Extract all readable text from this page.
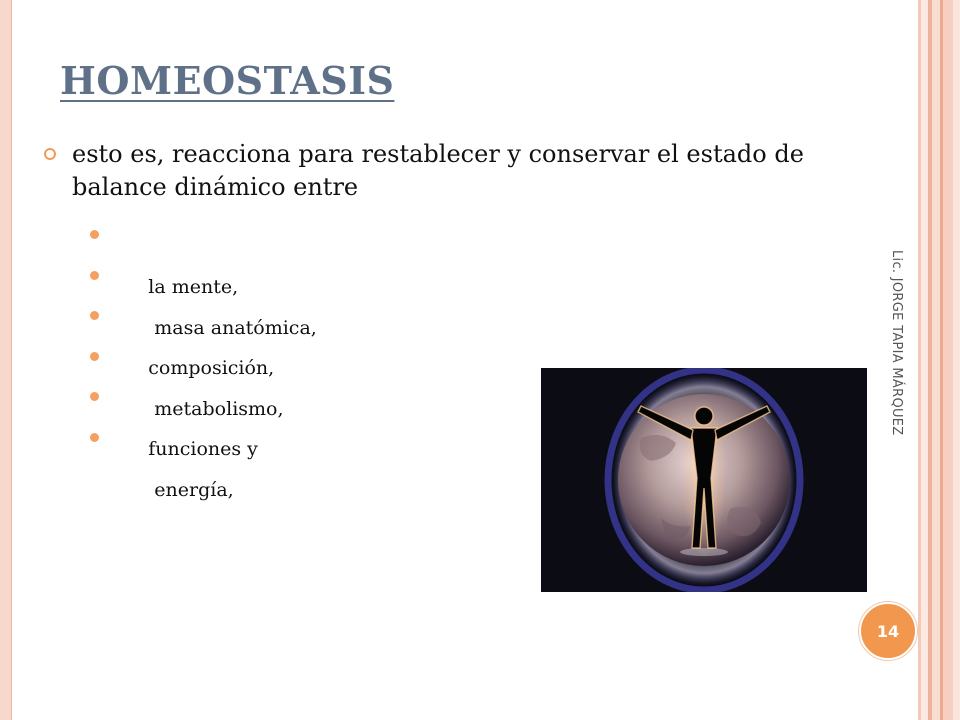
HOMEOSTASIS
esto es, reacciona para restablecer y conservar el estado de balance dinámico entre

la mente,

masa anatómica,

composición,

metabolismo,

funciones y

energía,

Lic. JORGE TAPIA MÁRQUEZ
14
